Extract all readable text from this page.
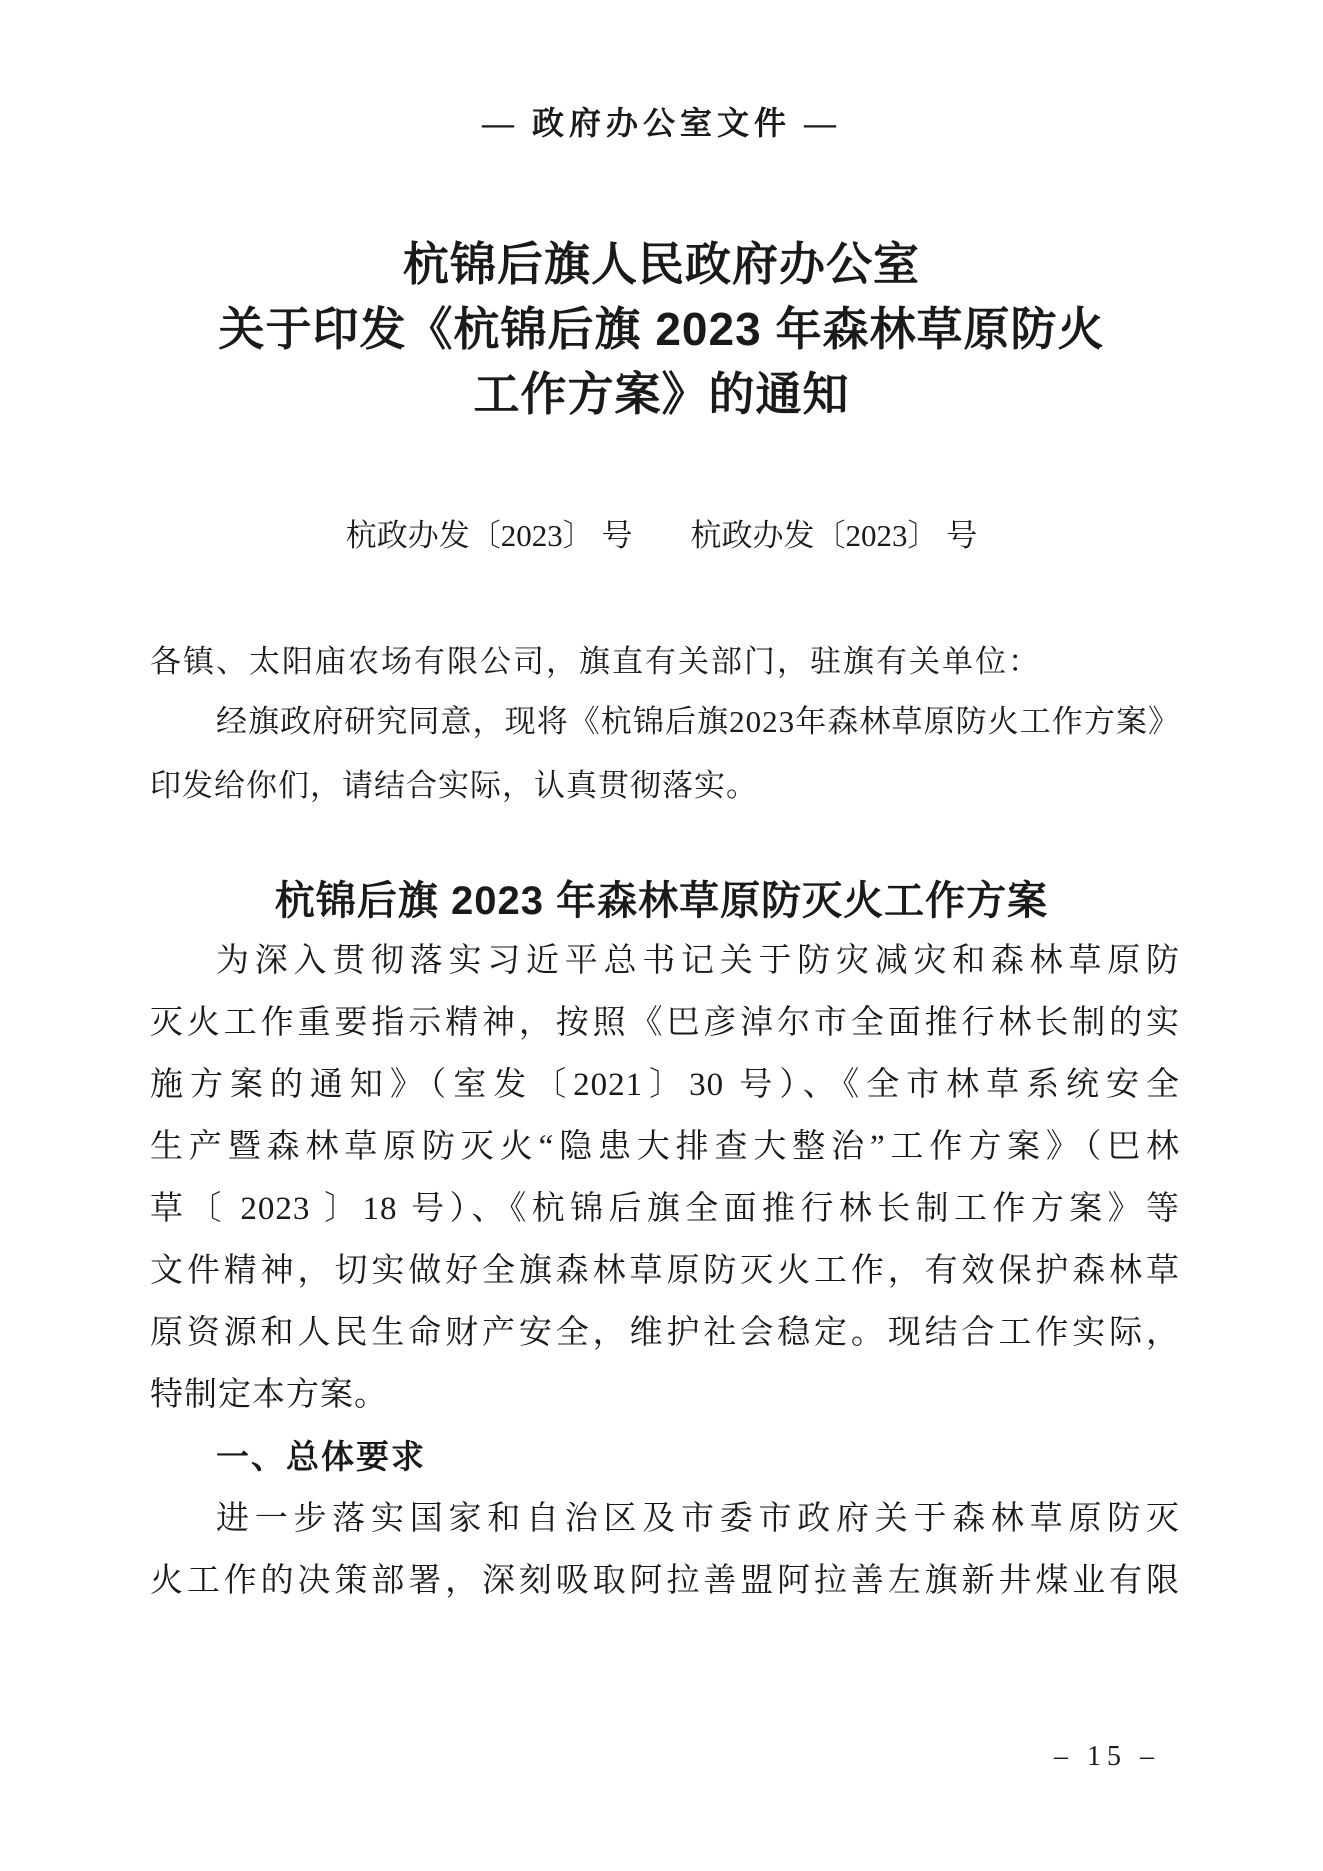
— 政府办公室文件 —
杭锦后旗人民政府办公室
关于印发《杭锦后旗 2023 年森林草原防火
工作方案》的通知
杭政办发〔2023〕 号 杭政办发〔2023〕 号
各镇、太阳庙农场有限公司，旗直有关部门，驻旗有关单位：
经旗政府研究同意，现将《杭锦后旗2023年森林草原防火工作方案》
印发给你们，请结合实际，认真贯彻落实。
杭锦后旗 2023 年森林草原防灭火工作方案
为深入贯彻落实习近平总书记关于防灾减灾和森林草原防
灭火工作重要指示精神，按照《巴彦淖尔市全面推行林长制的实
施方案的通知》（室发〔2021〕30 号）、《全市林草系统安全
生产暨森林草原防灭火“隐患大排查大整治”工作方案》（巴林
草〔 2023 〕18 号）、《杭锦后旗全面推行林长制工作方案》等
文件精神，切实做好全旗森林草原防灭火工作，有效保护森林草
原资源和人民生命财产安全，维护社会稳定。现结合工作实际，
特制定本方案。
一、总体要求
进一步落实国家和自治区及市委市政府关于森林草原防灭
火工作的决策部署，深刻吸取阿拉善盟阿拉善左旗新井煤业有限
– 15 –
